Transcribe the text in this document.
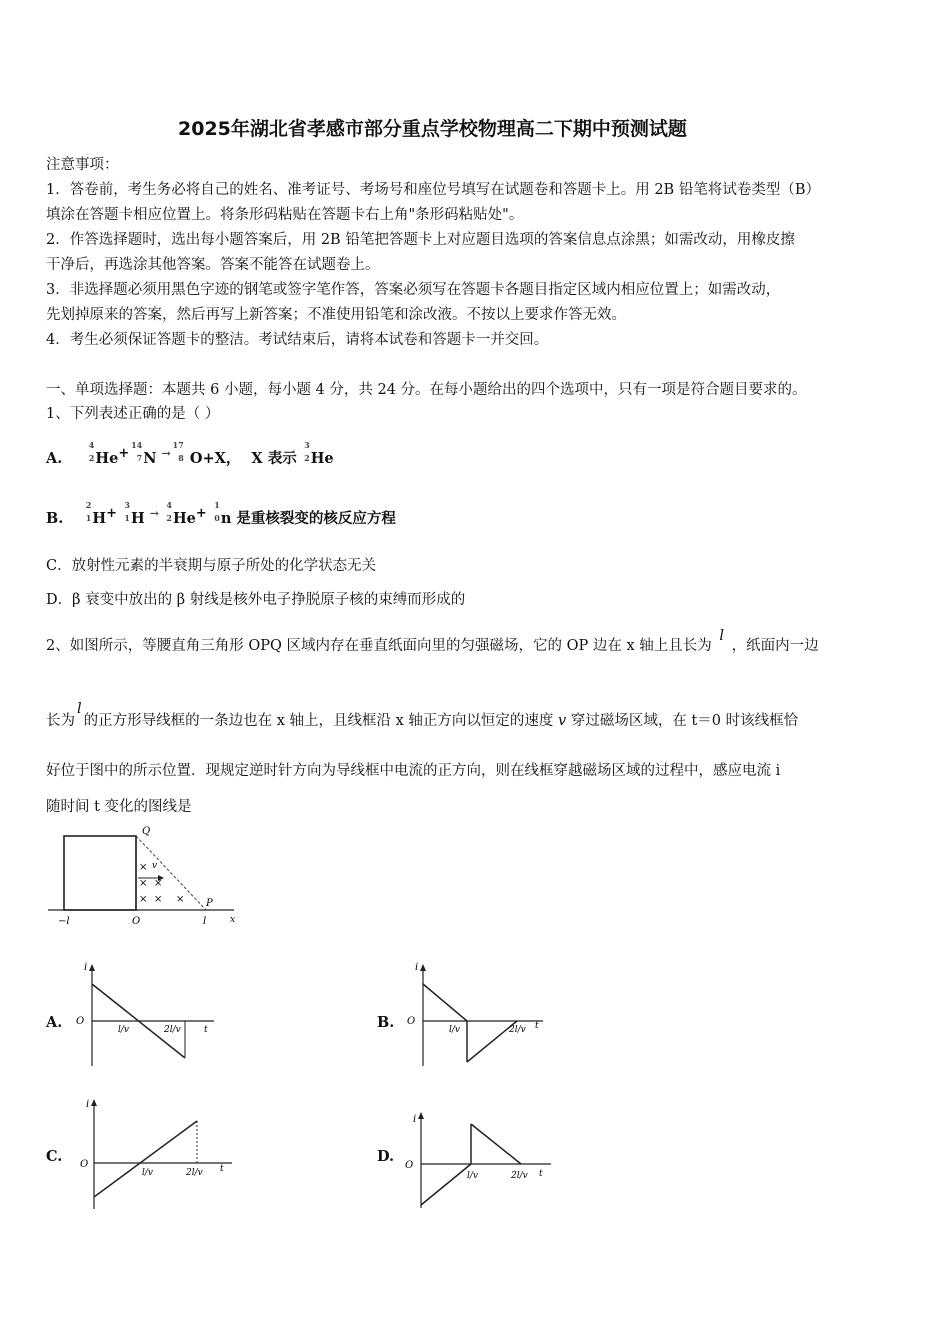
2025年湖北省孝感市部分重点学校物理高二下期中预测试题
注意事项：
1．答卷前，考生务必将自己的姓名、准考证号、考场号和座位号填写在试题卷和答题卡上。用 2B 铅笔将试卷类型（B）
填涂在答题卡相应位置上。将条形码粘贴在答题卡右上角"条形码粘贴处"。
2．作答选择题时，选出每小题答案后，用 2B 铅笔把答题卡上对应题目选项的答案信息点涂黑；如需改动，用橡皮擦
干净后，再选涂其他答案。答案不能答在试题卷上。
3．非选择题必须用黑色字迹的钢笔或签字笔作答，答案必须写在答题卡各题目指定区域内相应位置上；如需改动，
先划掉原来的答案，然后再写上新答案；不准使用铅笔和涂改液。不按以上要求作答无效。
4．考生必须保证答题卡的整洁。考试结束后，请将本试卷和答题卡一并交回。
一、单项选择题：本题共 6 小题，每小题 4 分，共 24 分。在每小题给出的四个选项中，只有一项是符合题目要求的。
1、下列表述正确的是（ ）
A.
4
2 He+
14
7 N →
17
8 O+X， X 表示
3
2 He
B.
2
1 H+
3
1 H →
4
2 He+
1
0 n 是重核裂变的核反应方程
C．放射性元素的半衰期与原子所处的化学状态无关
D．β 衰变中放出的 β 射线是核外电子挣脱原子核的束缚而形成的
2、如图所示，等腰直角三角形 OPQ 区域内存在垂直纸面向里的匀强磁场，它的 OP 边在 x 轴上且长为 l ，纸面内一边
长为l的正方形导线框的一条边也在 x 轴上，且线框沿 x 轴正方向以恒定的速度 v 穿过磁场区域，在 t＝0 时该线框恰
好位于图中的所示位置．现规定逆时针方向为导线框中电流的正方向，则在线框穿越磁场区域的过程中，感应电流 i
随时间 t 变化的图线是
Q
P
× v
× ×
× × ×
−l	O	l	x
A.	B.
C.	D.
i
O
l/v	2l/v	t
i
O
l/v	2l/v t
i
O
l/v	2l/v t
i
O
l/v	2l/v t
